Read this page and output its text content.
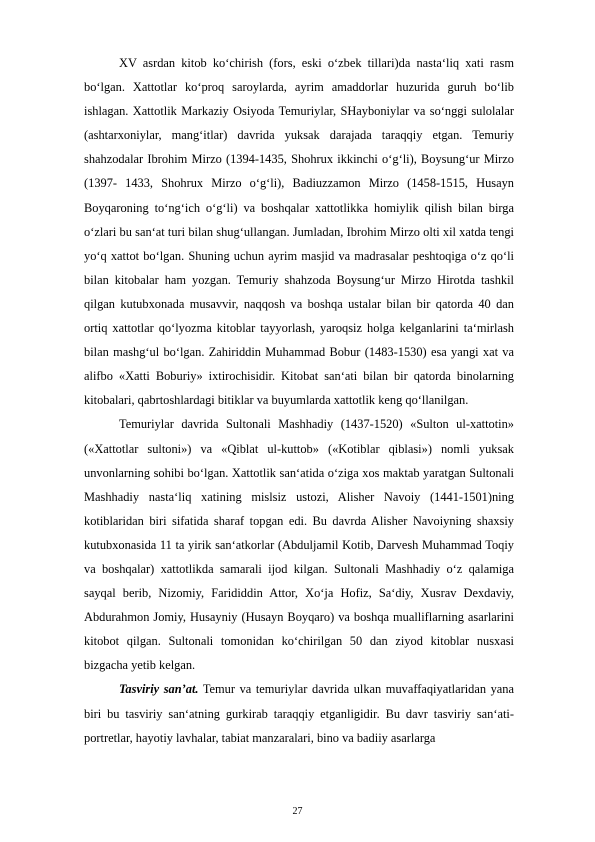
XV asrdan kitob ko‘chirish (fors, eski o‘zbek tillari)da nasta‘liq xati rasm bo‘lgan. Xattotlar ko‘proq saroylarda, ayrim amaddorlar huzurida guruh bo‘lib ishlagan. Xattotlik Markaziy Osiyoda Temuriylar, SHayboniylar va so‘nggi sulolalar (ashtarxoniylar, mang‘itlar) davrida yuksak darajada taraqqiy etgan. Temuriy shahzodalar Ibrohim Mirzo (1394-1435, Shohrux ikkinchi o‘g‘li), Boysung‘ur Mirzo (1397- 1433, Shohrux Mirzo o‘g‘li), Badiuzzamon Mirzo (1458-1515, Husayn Boyqaroning to‘ng‘ich o‘g‘li) va boshqalar xattotlikka homiylik qilish bilan birga o‘zlari bu san‘at turi bilan shug‘ullangan. Jumladan, Ibrohim Mirzo olti xil xatda tengi yo‘q xattot bo‘lgan. Shuning uchun ayrim masjid va madrasalar peshtoqiga o‘z qo‘li bilan kitobalar ham yozgan. Temuriy shahzoda Boysung‘ur Mirzo Hirotda tashkil qilgan kutubxonada musavvir, naqqosh va boshqa ustalar bilan bir qatorda 40 dan ortiq xattotlar qo‘lyozma kitoblar tayyorlash, yaroqsiz holga kelganlarini ta‘mirlash bilan mashg‘ul bo‘lgan. Zahiriddin Muhammad Bobur (1483-1530) esa yangi xat va alifbo «Xatti Boburiy» ixtirochisidir. Kitobat san‘ati bilan bir qatorda binolarning kitobalari, qabrtoshlardagi bitiklar va buyumlarda xattotlik keng qo‘llanilgan.

Temuriylar davrida Sultonali Mashhadiy (1437-1520) «Sulton ul-xattotin» («Xattotlar sultoni») va «Qiblat ul-kuttob» («Kotiblar qiblasi») nomli yuksak unvonlarning sohibi bo‘lgan. Xattotlik san‘atida o‘ziga xos maktab yaratgan Sultonali Mashhadiy nasta‘liq xatining mislsiz ustozi, Alisher Navoiy (1441-1501)ning kotiblaridan biri sifatida sharaf topgan edi. Bu davrda Alisher Navoiyning shaxsiy kutubxonasida 11 ta yirik san‘atkorlar (Abduljamil Kotib, Darvesh Muhammad Toqiy va boshqalar) xattotlikda samarali ijod kilgan. Sultonali Mashhadiy o‘z qalamiga sayqal berib, Nizomiy, Farididdin Attor, Xo‘ja Hofiz, Sa‘diy, Xusrav Dexdaviy, Abdurahmon Jomiy, Husayniy (Husayn Boyqaro) va boshqa mualliflarning asarlarini kitobot qilgan. Sultonali tomonidan ko‘chirilgan 50 dan ziyod kitoblar nusxasi bizgacha yetib kelgan.

Tasviriy san’at. Temur va temuriylar davrida ulkan muvaffaqiyatlaridan yana biri bu tasviriy san‘atning gurkirab taraqqiy etganligidir. Bu davr tasviriy san‘ati- portretlar, hayotiy lavhalar, tabiat manzaralari, bino va badiiy asarlarga

27
